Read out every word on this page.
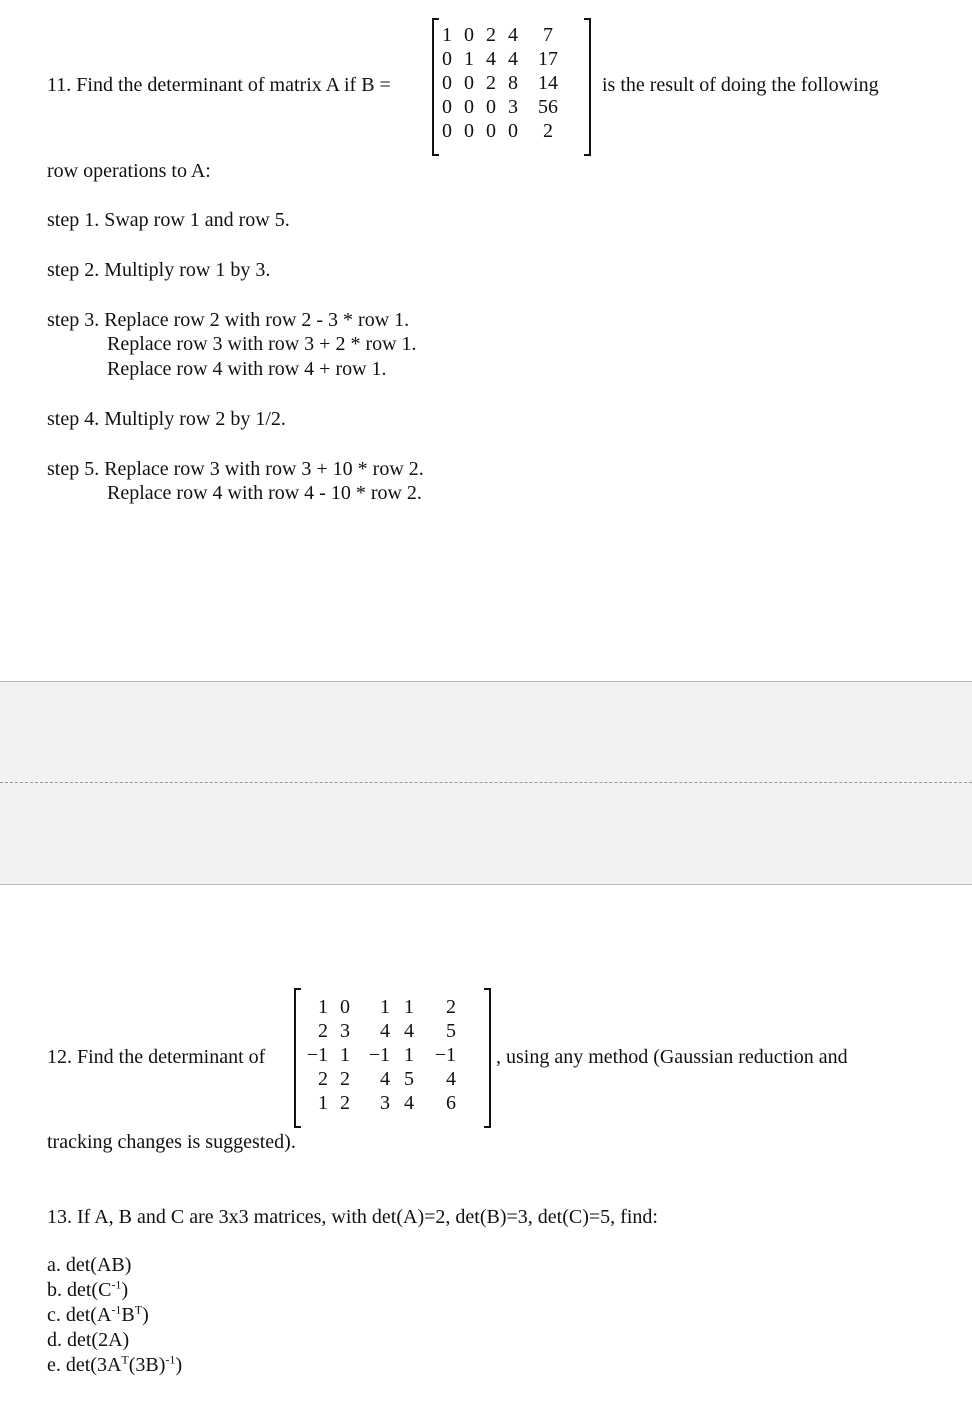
11. Find the determinant of matrix A if B =
1	0	2	4	7
0	1	4	4	17
0	0	2	8	14
0	0	0	3	56
0	0	0	0	2
is the result of doing the following
row operations to A:
step 1. Swap row 1 and row 5.
step 2. Multiply row 1 by 3.
step 3. Replace row 2 with row 2 - 3 * row 1.
Replace row 3 with row 3 + 2 * row 1.
Replace row 4 with row 4 + row 1.
step 4. Multiply row 2 by 1/2.
step 5. Replace row 3 with row 3 + 10 * row 2.
Replace row 4 with row 4 - 10 * row 2.
12. Find the determinant of
1	0	1	1	2
2	3	4	4	5
−1	1	−1	1	−1
2	2	4	5	4
1	2	3	4	6
, using any method (Gaussian reduction and
tracking changes is suggested).
13. If A, B and C are 3x3 matrices, with det(A)=2, det(B)=3, det(C)=5, find:
a. det(AB)
b. $\det(C^{-1})$
c. $\det(A^{-1}B^T)$
d. det(2A)
e. $\det(3A^T(3B)^{-1})$
